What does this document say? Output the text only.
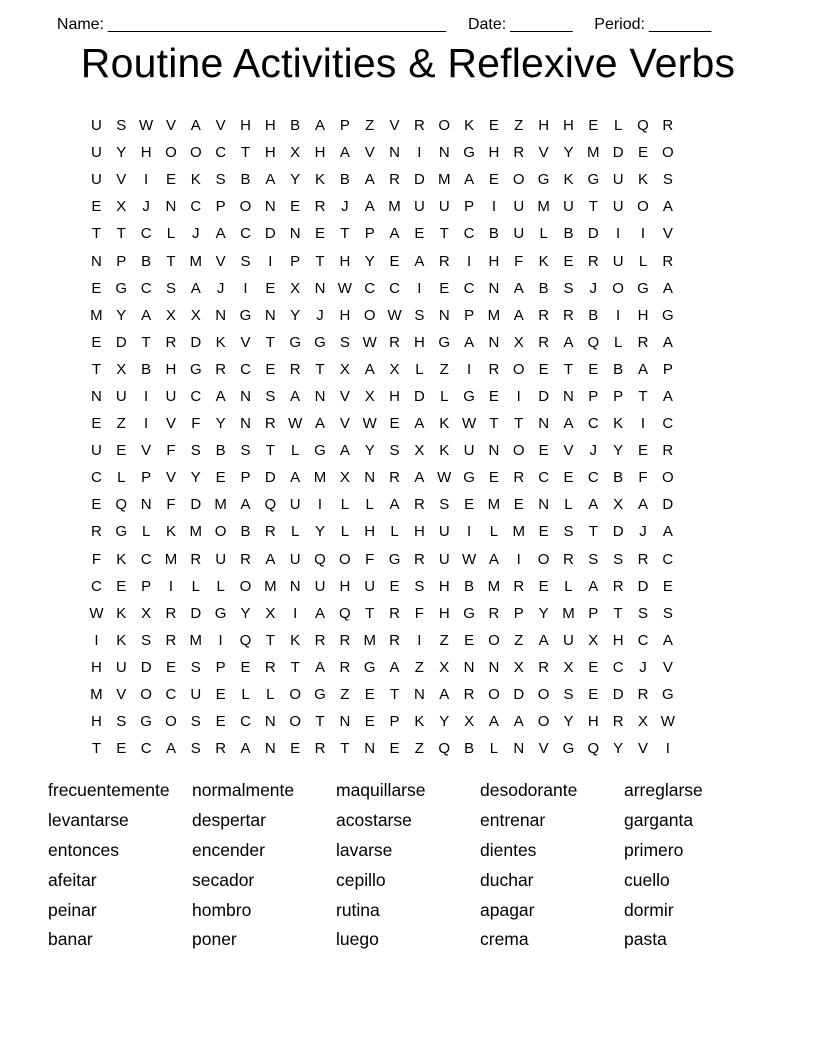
Name: ______________________________________ Date: _______ Period: _______

Routine Activities & Reflexive Verbs
U S W V A V H H B A P	Z	V R O K E	Z H H E	L Q R
U Y H O O C T H X H A V N	I	N G H R V Y M D E O
U V	I	E K S B A Y K B A R D M A E O G K G U K S
E X	J	N C P O N E R	J	A M U U P	I	U M U T U O A
T	T C	L	J	A C D N E	T	P A E	T C B U	L	B D	I	I	V
N P B	T M V S	I	P	T H Y E A R	I	H F	K E R U	L	R
E G C S A	J	I	E X N W C C	I	E C N A B S	J	O G A
M Y A X X N G N Y	J	H O W S N P M A R R B	I	H G
E D T R D K V	T G G S W R H G A N X R A Q L	R A
T	X B H G R C E R T	X A X	L	Z	I	R O E	T	E B A P
N U	I	U C A N S A N V X H D	L G E	I	D N P P	T	A
E	Z	I	V	F	Y N R W A V W E A K W T	T N A C K	I	C
U E V	F	S B S	T	L G A Y S X K U N O E V	J	Y E R
C	L	P V Y E P D A M X N R A W G E R C E C B	F O
E Q N F D M A Q U	I	L	L	A R S E M E N	L	A X A D
R G L	K M O B R	L	Y	L	H	L	H U	I	L M E S	T D	J	A
F	K C M R U R A U Q O F G R U W A	I	O R S S R C
C E P	I	L	L O M N U H U E S H B M R E	L	A R D E
W K X R D G Y X	I	A Q T R F H G R P Y M P	T	S S
I	K S R M	I	Q T	K R R M R	I	Z	E O Z	A U X H C A
H U D E S P E R T	A R G A	Z	X N N X R X E C	J	V
M V O C U E	L	L O G Z	E	T N A R O D O S E D R G
H S G O S E C N O T N E P K Y X A A O Y H R X W
T	E C A S R A N E R T N E	Z Q B	L	N V G Q Y V	I
frecuentemente	normalmente	maquillarse	desodorante	arreglarse
levantarse	despertar	acostarse	entrenar	garganta
entonces	encender	lavarse	dientes	primero
afeitar	secador	cepillo	duchar	cuello
peinar	hombro	rutina	apagar	dormir
banar	poner	luego	crema	pasta
